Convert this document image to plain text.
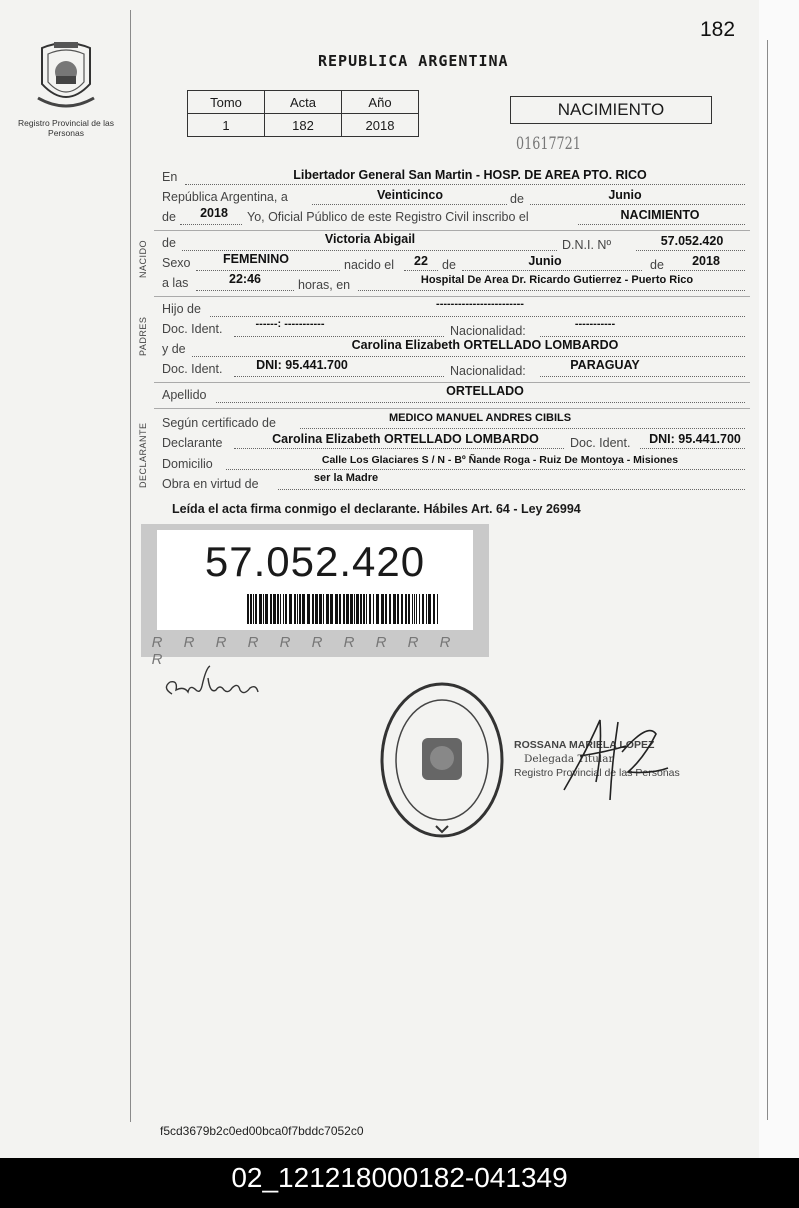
Registro Provincial de las Personas
182
REPUBLICA ARGENTINA
Tomo	Acta	Año
1	182	2018
NACIMIENTO
01617721
En	Libertador General San Martin - HOSP. DE AREA PTO. RICO
República Argentina, a	Veinticinco	de	Junio
de	2018	Yo, Oficial Público de este Registro Civil inscribo el	NACIMIENTO
NACIDO de	Victoria Abigail	D.N.I. Nº	57.052.420
Sexo	FEMENINO	nacido el	22	de	Junio	de	2018
a las	22:46	horas, en	Hospital De Area Dr. Ricardo Gutierrez - Puerto Rico
PADRES
Hijo de	------------------------
Doc. Ident.	------: -----------	Nacionalidad:	-----------
y de	Carolina Elizabeth ORTELLADO LOMBARDO
Doc. Ident.	DNI: 95.441.700	Nacionalidad:	PARAGUAY
Apellido	ORTELLADO
DECLARANTE Según certificado de	MEDICO MANUEL ANDRES CIBILS
Declarante	Carolina Elizabeth ORTELLADO LOMBARDO	Doc. Ident.	DNI: 95.441.700
Domicilio	Calle Los Glaciares S / N - Bº Ñande Roga - Ruiz De Montoya - Misiones
Obra en virtud de	ser la Madre
Leída el acta firma conmigo el declarante. Hábiles Art. 64 - Ley 26994
57.052.420
R R R R R R R R R RR
ROSSANA MARIELA LOPEZ
Delegada Titular
Registro Provincial de las Personas
f5cd3679b2c0ed00bca0f7bddc7052c0
02_121218000182-041349
